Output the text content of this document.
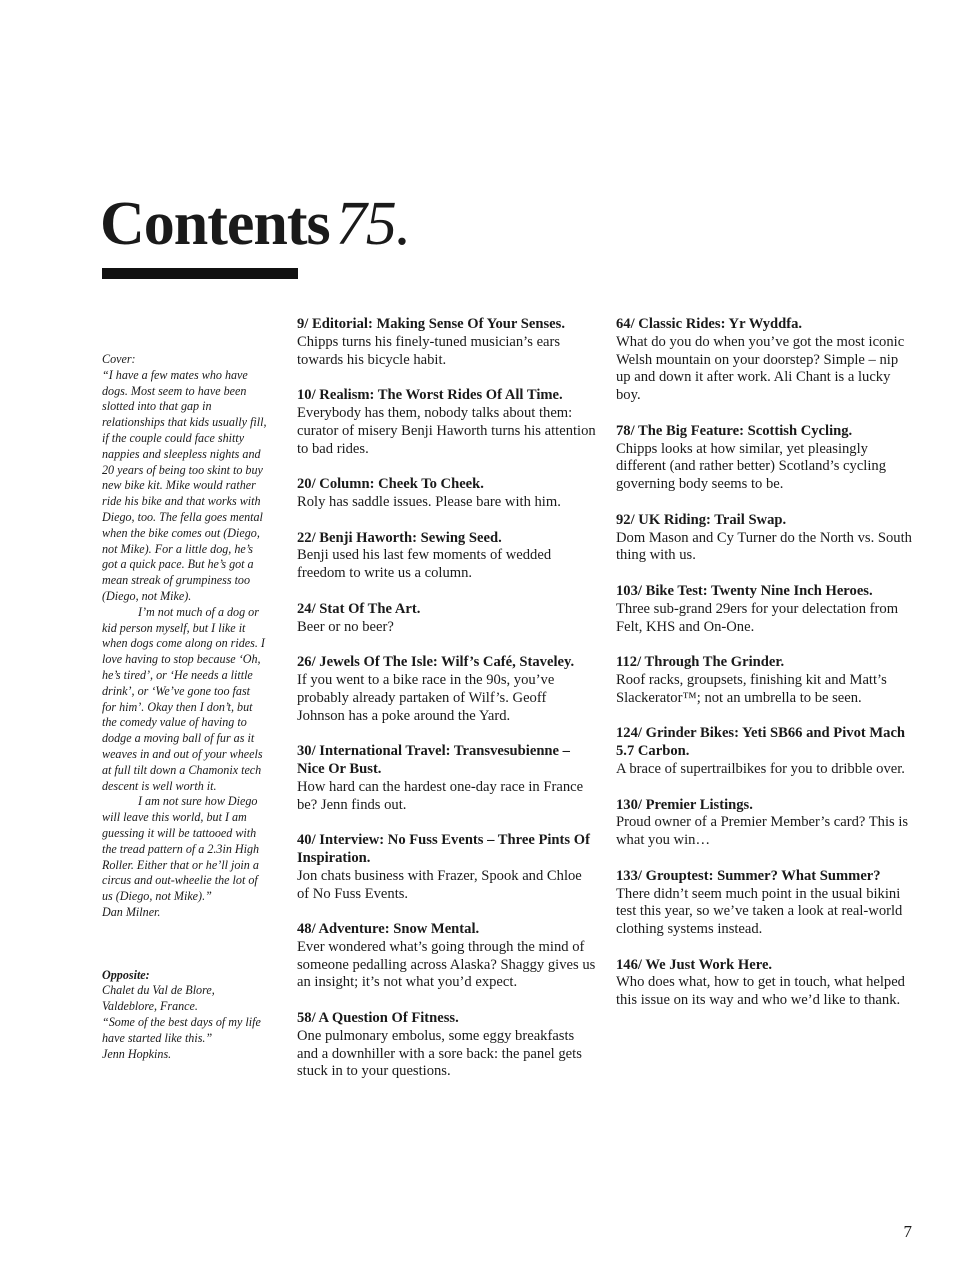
Contents75.

Cover:

“I have a few mates who have dogs. Most seem to have been slotted into that gap in relationships that kids usually fill, if the couple could face shitty nappies and sleepless nights and 20 years of being too skint to buy new bike kit. Mike would rather ride his bike and that works with Diego, too. The fella goes mental when the bike comes out (Diego, not Mike). For a little dog, he’s got a quick pace. But he’s got a mean streak of grumpiness too (Diego, not Mike).

I’m not much of a dog or kid person myself, but I like it when dogs come along on rides. I love having to stop because ‘Oh, he’s tired’, or ‘He needs a little drink’, or ‘We’ve gone too fast for him’. Okay then I don’t, but the comedy value of having to dodge a moving ball of fur as it weaves in and out of your wheels at full tilt down a Chamonix tech descent is well worth it.

I am not sure how Diego will leave this world, but I am guessing it will be tattooed with the tread pattern of a 2.3in High Roller. Either that or he’ll join a circus and out-wheelie the lot of us (Diego, not Mike).”

Dan Milner.

Opposite:

Chalet du Val de Blore,

Valdeblore, France.

“Some of the best days of my life have started like this.”

Jenn Hopkins.

9/ Editorial: Making Sense Of Your Senses.
Chipps turns his finely-tuned musician’s ears towards his bicycle habit.
10/ Realism: The Worst Rides Of All Time.
Everybody has them, nobody talks about them: curator of misery Benji Haworth turns his attention to bad rides.
20/ Column: Cheek To Cheek.
Roly has saddle issues. Please bare with him.
22/ Benji Haworth: Sewing Seed.
Benji used his last few moments of wedded freedom to write us a column.
24/ Stat Of The Art.
Beer or no beer?
26/ Jewels Of The Isle: Wilf’s Café, Staveley.
If you went to a bike race in the 90s, you’ve probably already partaken of Wilf’s. Geoff Johnson has a poke around the Yard.
30/ International Travel: Transvesubienne – Nice Or Bust.
How hard can the hardest one-day race in France be? Jenn finds out.
40/ Interview: No Fuss Events – Three Pints Of Inspiration.
Jon chats business with Frazer, Spook and Chloe of No Fuss Events.
48/ Adventure: Snow Mental.
Ever wondered what’s going through the mind of someone pedalling across Alaska? Shaggy gives us an insight; it’s not what you’d expect.
58/ A Question Of Fitness.
One pulmonary embolus, some eggy breakfasts and a downhiller with a sore back: the panel gets stuck in to your questions.
64/ Classic Rides: Yr Wyddfa.
What do you do when you’ve got the most iconic Welsh mountain on your doorstep? Simple – nip up and down it after work. Ali Chant is a lucky boy.
78/ The Big Feature: Scottish Cycling.
Chipps looks at how similar, yet pleasingly different (and rather better) Scotland’s cycling governing body seems to be.
92/ UK Riding: Trail Swap.
Dom Mason and Cy Turner do the North vs. South thing with us.
103/ Bike Test: Twenty Nine Inch Heroes.
Three sub-grand 29ers for your delectation from Felt, KHS and On-One.
112/ Through The Grinder.
Roof racks, groupsets, finishing kit and Matt’s Slackerator™; not an umbrella to be seen.
124/ Grinder Bikes: Yeti SB66 and Pivot Mach 5.7 Carbon.
A brace of supertrailbikes for you to dribble over.
130/ Premier Listings.
Proud owner of a Premier Member’s card? This is what you win…
133/ Grouptest: Summer? What Summer?
There didn’t seem much point in the usual bikini test this year, so we’ve taken a look at real-world clothing systems instead.
146/ We Just Work Here.
Who does what, how to get in touch, what helped this issue on its way and who we’d like to thank.
7
